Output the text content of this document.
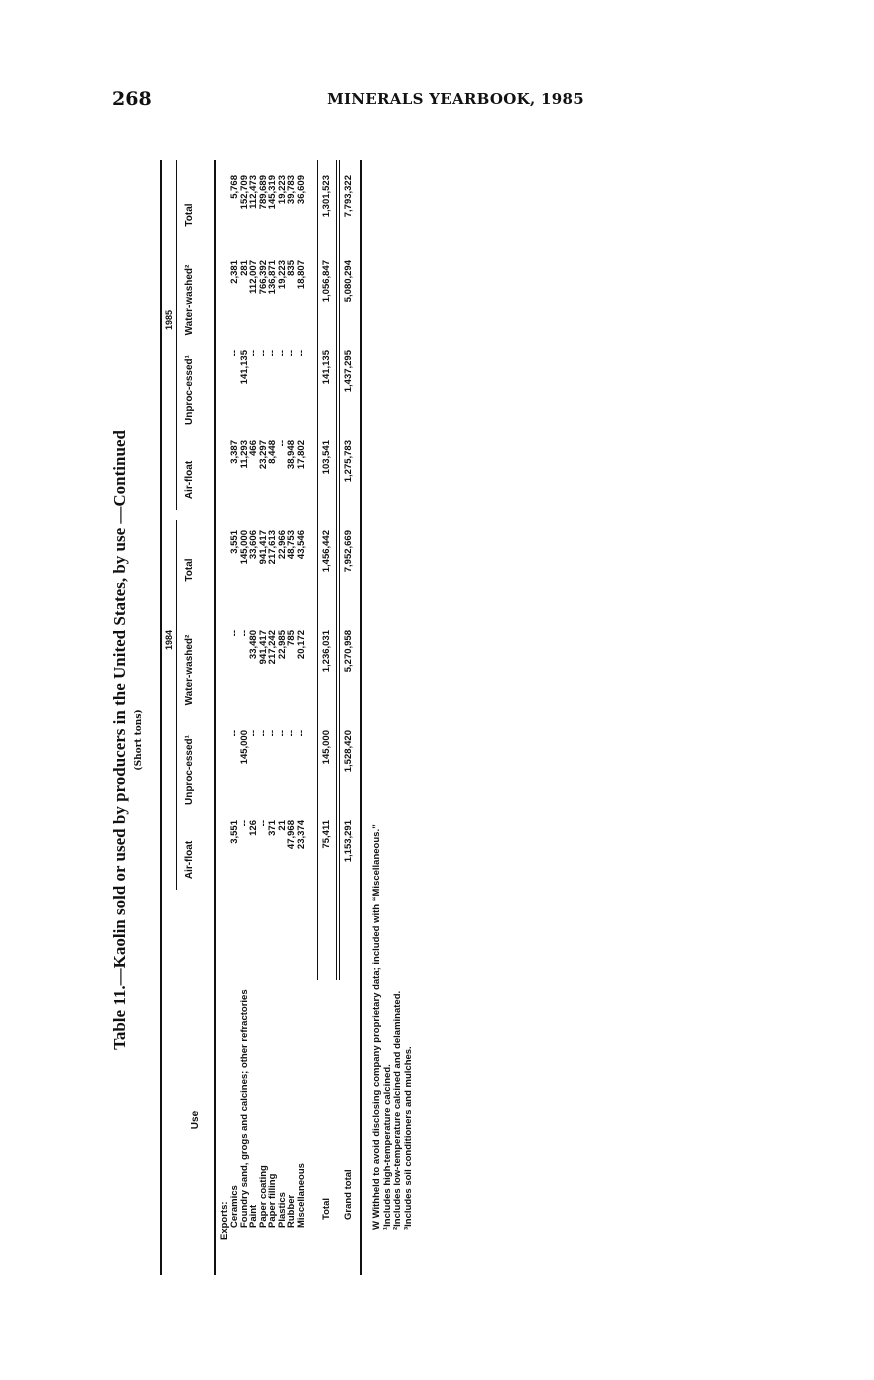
268	MINERALS YEARBOOK, 1985
Table 11.—Kaolin sold or used by producers in the United States, by use —Continued (Short tons)
Use
1984
1985
Air-float
Unproc-essed¹
Water-washed²
Total
Air-float
Unproc-essed¹
Water-washed²
Total
Exports: Ceramics
3,551
--
--
3,551
3,387
--
2,381
5,768
Foundry sand, grogs and calcines; other refractories
--
145,000
--
145,000
11,293
141,135
281
152,709
Paint
126
--
33,480
33,606
466
--
112,007
112,473
Paper coating
--
--
941,417
941,417
23,297
--
766,392
789,689
Paper filling
371
--
217,242
217,613
8,448
--
136,871
145,319
Plastics
21
--
22,985
22,966
--
--
19,223
19,223
Rubber
47,968
--
785
48,753
38,948
--
835
39,783
Miscellaneous
23,374
--
20,172
43,546
17,802
--
18,807
36,609
Total
75,411
145,000
1,236,031
1,456,442
103,541
141,135
1,056,847
1,301,523
Grand total
1,153,291
1,528,420
5,270,958
7,952,669
1,275,783
1,437,295
5,080,294
7,793,322
W Withheld to avoid disclosing company proprietary data; included with “Miscellaneous.” ¹Includes high-temperature calcined. ²Includes low-temperature calcined and delaminated. ³Includes soil conditioners and mulches.
